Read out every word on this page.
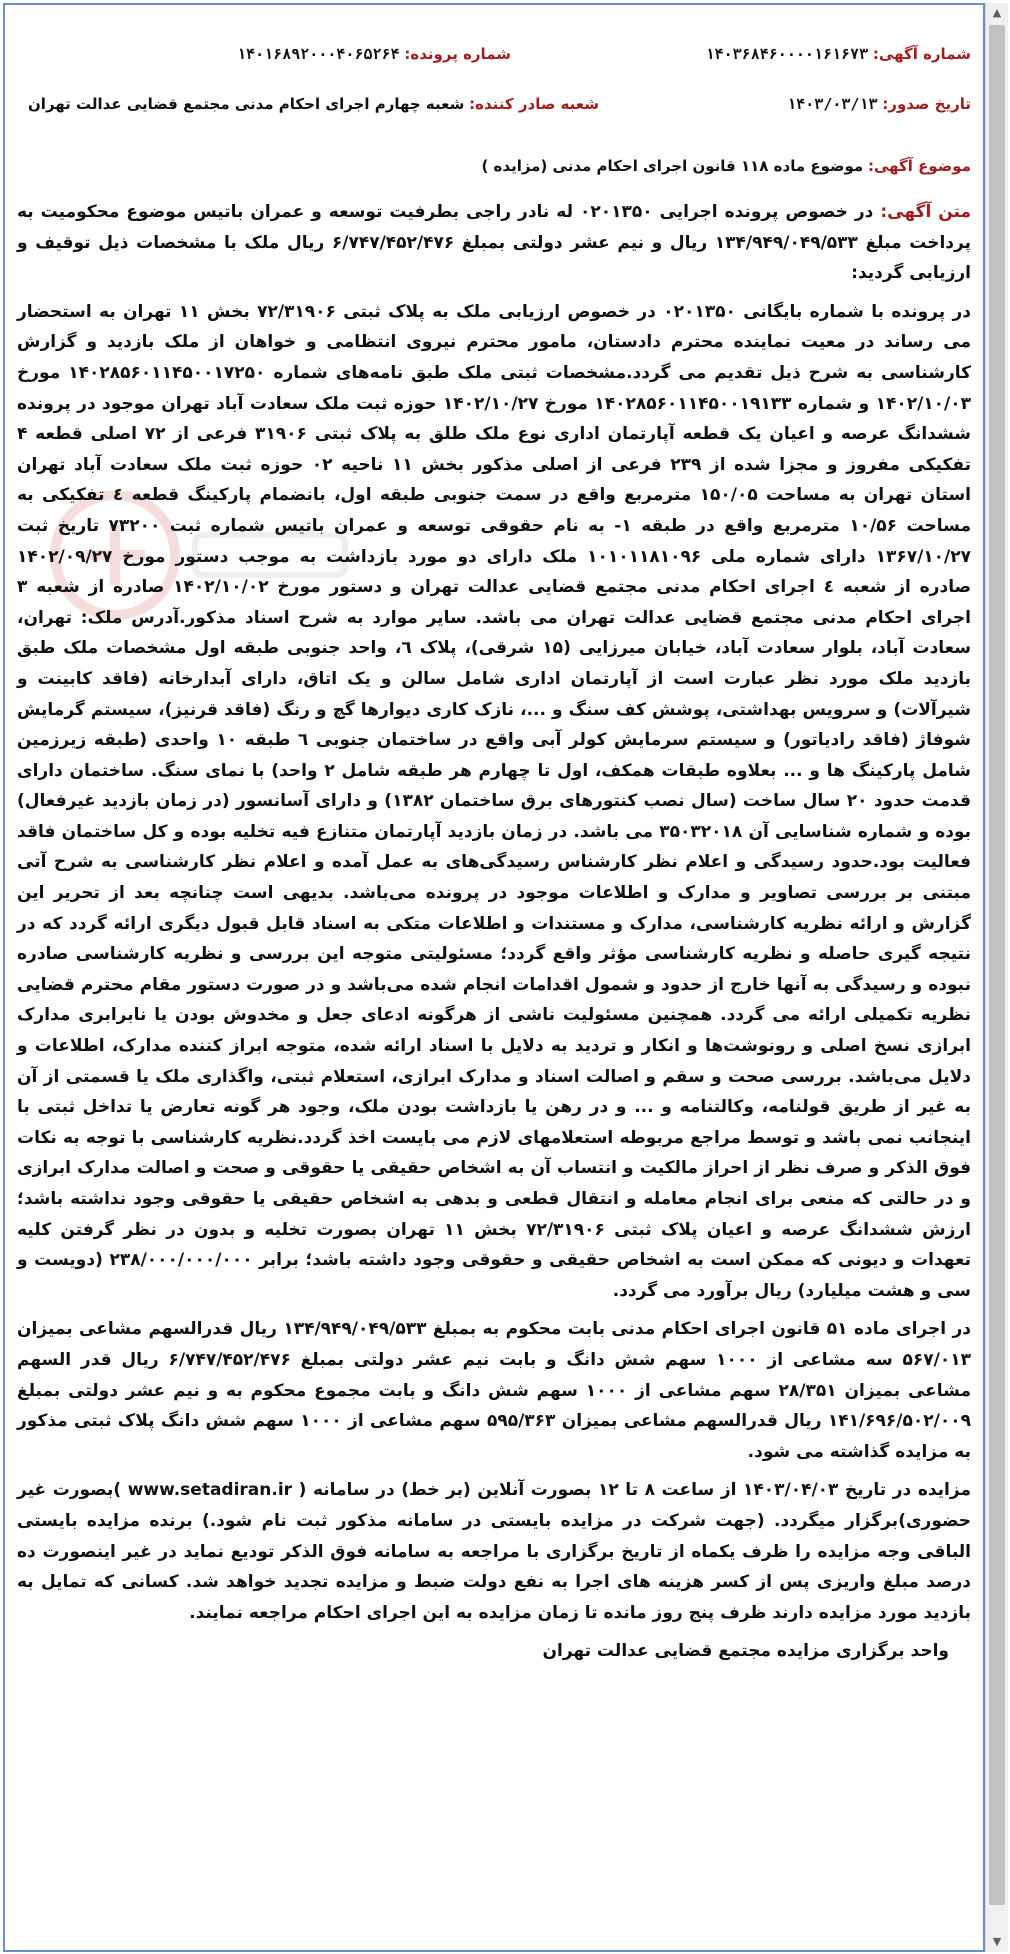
شماره آگهی: ۱۴۰۳۶۸۴۶۰۰۰۰۱۶۱۶۷۳
شماره پرونده: ۱۴۰۱۶۸۹۲۰۰۰۴۰۶۵۲۶۴
تاریخ صدور: ۱۴۰۳/۰۳/۱۳
شعبه صادر کننده: شعبه چهارم اجرای احکام مدنی مجتمع قضایی عدالت تهران
موضوع آگهی: موضوع ماده ۱۱۸ قانون اجرای احکام مدنی (مزایده )

متن آگهی: در خصوص پرونده اجرایی ۰۲۰۱۳۵۰ له نادر راجی بطرفیت توسعه و عمران باتیس موضوع محکومیت به پرداخت مبلغ ۱۳۴/۹۴۹/۰۴۹/۵۳۳ ریال و نیم عشر دولتی بمبلغ ۶/۷۴۷/۴۵۲/۴۷۶ ریال ملک با مشخصات ذیل توقیف و ارزیابی گردید:

در پرونده با شماره بایگانی ۰۲۰۱۳۵۰ در خصوص ارزیابی ملک به پلاک ثبتی ۷۲/۳۱۹۰۶ بخش ۱۱ تهران به استحضار می رساند در معیت نماینده محترم دادستان، مامور محترم نیروی انتظامی و خواهان از ملک بازدید و گزارش کارشناسی به شرح ذیل تقدیم می گردد.مشخصات ثبتی ملک طبق نامه‌های شماره ۱۴۰۲۸۵۶۰۱۱۴۵۰۰۱۷۲۵۰ مورخ ۱۴۰۲/۱۰/۰۳ و شماره ۱۴۰۲۸۵۶۰۱۱۴۵۰۰۱۹۱۳۳ مورخ ۱۴۰۲/۱۰/۲۷ حوزه ثبت ملک سعادت آباد تهران موجود در پرونده ششدانگ عرصه و اعیان یک قطعه آپارتمان اداری نوع ملک طلق به پلاک ثبتی ۳۱۹۰۶ فرعی از ۷۲ اصلی قطعه ۴ تفکیکی مفروز و مجزا شده از ۲۳۹ فرعی از اصلی مذکور بخش ۱۱ ناحیه ۰۲ حوزه ثبت ملک سعادت آباد تهران استان تهران به مساحت ۱۵۰/۰۵ مترمربع واقع در سمت جنوبی طبقه اول، بانضمام پارکینگ قطعه ٤ تفکیکی به مساحت ۱۰/۵۶ مترمربع واقع در طبقه ۱- به نام حقوقی توسعه و عمران باتیس شماره ثبت ۷۳۲۰۰ تاریخ ثبت ۱۳۶۷/۱۰/۲۷ دارای شماره ملی ۱۰۱۰۱۱۸۱۰۹۶ ملک دارای دو مورد بازداشت به موجب دستور مورخ ۱۴۰۲/۰۹/۲۷ صادره از شعبه ٤ اجرای احکام مدنی مجتمع قضایی عدالت تهران و دستور مورخ ۱۴۰۲/۱۰/۰۲ صادره از شعبه ۳ اجرای احکام مدنی مجتمع قضایی عدالت تهران می باشد. سایر موارد به شرح اسناد مذکور.آدرس ملک: تهران، سعادت آباد، بلوار سعادت آباد، خیابان میرزایی (۱۵ شرقی)، پلاک ٦، واحد جنوبی طبقه اول مشخصات ملک طبق بازدید ملک مورد نظر عبارت است از آپارتمان اداری شامل سالن و یک اتاق، دارای آبدارخانه (فاقد کابینت و شیرآلات) و سرویس بهداشتی، پوشش کف سنگ و ...، نازک کاری دیوارها گچ و رنگ (فاقد قرنیز)، سیستم گرمایش شوفاژ (فاقد رادیاتور) و سیستم سرمایش کولر آبی واقع در ساختمان جنوبی ٦ طبقه ۱۰ واحدی (طبقه زیرزمین شامل پارکینگ ها و ... بعلاوه طبقات همکف، اول تا چهارم هر طبقه شامل ۲ واحد) با نمای سنگ. ساختمان دارای قدمت حدود ۲۰ سال ساخت (سال نصب کنتورهای برق ساختمان ۱۳۸۲) و دارای آسانسور (در زمان بازدید غیرفعال) بوده و شماره شناسایی آن ۳۵۰۳۲۰۱۸ می باشد. در زمان بازدید آپارتمان متنازع فیه تخلیه بوده و کل ساختمان فاقد فعالیت بود.حدود رسیدگی و اعلام نظر کارشناس رسیدگی‌های به عمل آمده و اعلام نظر کارشناسی به شرح آتی مبتنی بر بررسی تصاویر و مدارک و اطلاعات موجود در پرونده می‌باشد. بدیهی است چنانچه بعد از تحریر این گزارش و ارائه نظریه کارشناسی، مدارک و مستندات و اطلاعات متکی به اسناد قابل قبول دیگری ارائه گردد که در نتیجه گیری حاصله و نظریه کارشناسی مؤثر واقع گردد؛ مسئولیتی متوجه این بررسی و نظریه کارشناسی صادره نبوده و رسیدگی به آنها خارج از حدود و شمول اقدامات انجام شده می‌باشد و در صورت دستور مقام محترم قضایی نظریه تکمیلی ارائه می گردد. همچنین مسئولیت ناشی از هرگونه ادعای جعل و مخدوش بودن یا نابرابری مدارک ابرازی نسخ اصلی و رونوشت‌ها و انکار و تردید به دلایل با اسناد ارائه شده، متوجه ابراز کننده مدارک، اطلاعات و دلایل می‌باشد. بررسی صحت و سقم و اصالت اسناد و مدارک ابرازی، استعلام ثبتی، واگذاری ملک یا قسمتی از آن به غیر از طریق قولنامه، وکالتنامه و ... و در رهن یا بازداشت بودن ملک، وجود هر گونه تعارض یا تداخل ثبتی با اینجانب نمی باشد و توسط مراجع مربوطه استعلامهای لازم می بایست اخذ گردد.نظریه کارشناسی با توجه به نکات فوق الذکر و صرف نظر از احراز مالکیت و انتساب آن به اشخاص حقیقی یا حقوقی و صحت و اصالت مدارک ابرازی و در حالتی که منعی برای انجام معامله و انتقال قطعی و بدهی به اشخاص حقیقی یا حقوقی وجود نداشته باشد؛ ارزش ششدانگ عرصه و اعیان پلاک ثبتی ۷۲/۳۱۹۰۶ بخش ۱۱ تهران بصورت تخلیه و بدون در نظر گرفتن کلیه تعهدات و دیونی که ممکن است به اشخاص حقیقی و حقوقی وجود داشته باشد؛ برابر ۲۳۸/۰۰۰/۰۰۰/۰۰۰ (دویست و سی و هشت میلیارد) ریال برآورد می گردد.

در اجرای ماده ۵۱ قانون اجرای احکام مدنی بابت محکوم به بمبلغ ۱۳۴/۹۴۹/۰۴۹/۵۳۳ ریال قدرالسهم مشاعی بمیزان ۵۶۷/۰۱۳ سه مشاعی از ۱۰۰۰ سهم شش دانگ و بابت نیم عشر دولتی بمبلغ ۶/۷۴۷/۴۵۲/۴۷۶ ریال قدر السهم مشاعی بمیزان ۲۸/۳۵۱ سهم مشاعی از ۱۰۰۰ سهم شش دانگ و بابت مجموع محکوم به و نیم عشر دولتی بمبلغ ۱۴۱/۶۹۶/۵۰۲/۰۰۹ ریال قدرالسهم مشاعی بمیزان ۵۹۵/۳۶۳ سهم مشاعی از ۱۰۰۰ سهم شش دانگ پلاک ثبتی مذکور به مزایده گذاشته می شود.

مزایده در تاریخ ۱۴۰۳/۰۴/۰۳ از ساعت ۸ تا ۱۲ بصورت آنلاین (بر خط) در سامانه ( www.setadiran.ir )بصورت غیر حضوری)برگزار میگردد. (جهت شرکت در مزایده بایستی در سامانه مذکور ثبت نام شود.) برنده مزایده بایستی الباقی وجه مزایده را ظرف یکماه از تاریخ برگزاری با مراجعه به سامانه فوق الذکر تودیع نماید در غیر اینصورت ده درصد مبلغ واریزی پس از کسر هزینه های اجرا به نفع دولت ضبط و مزایده تجدید خواهد شد. کسانی که تمایل به بازدید مورد مزایده دارند ظرف پنج روز مانده تا زمان مزایده به این اجرای احکام مراجعه نمایند.

واحد برگزاری مزایده مجتمع قضایی عدالت تهران

▲
▼
